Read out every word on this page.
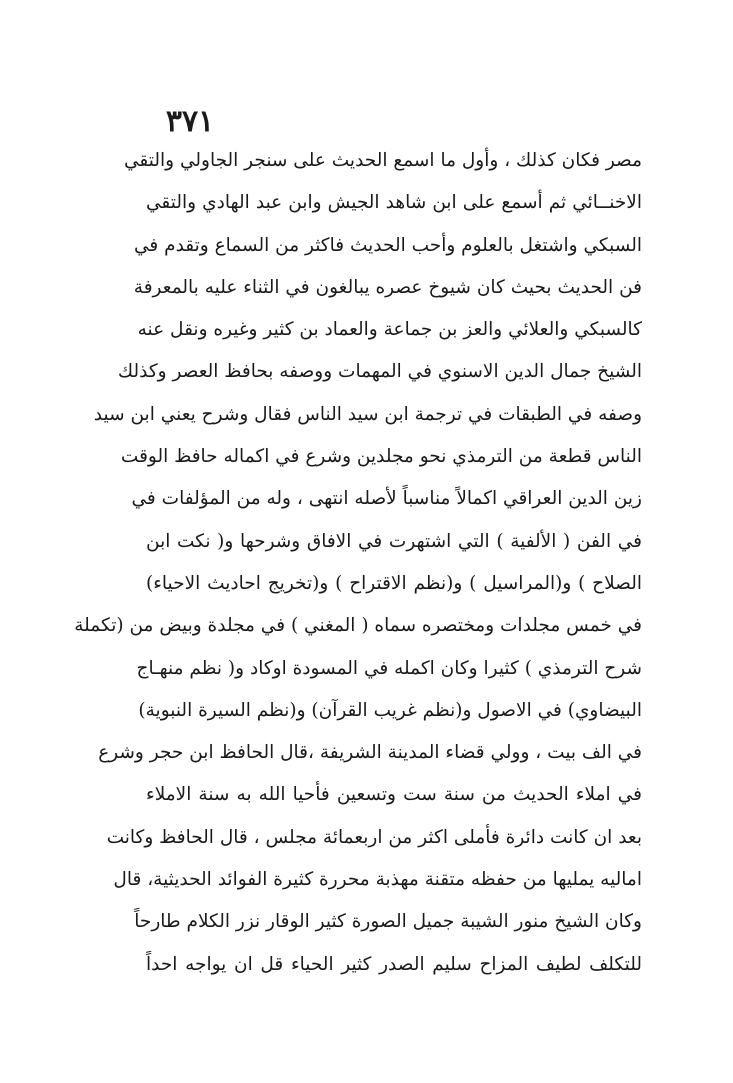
٣٧١
مصر فكان كذلك ، وأول ما اسمع الحديث على سنجر الجاولي والتقي
الاخنــائي ثم أسمع على ابن شاهد الجيش وابن عبد الهادي والتقي
السبكي واشتغل بالعلوم وأحب الحديث فاكثر من السماع وتقدم في
فن الحديث بحيث كان شيوخ عصره يبالغون في الثناء عليه بالمعرفة
كالسبكي والعلائي والعز بن جماعة والعماد بن كثير وغيره ونقل عنه
الشيخ جمال الدين الاسنوي في المهمات ووصفه بحافظ العصر وكذلك
وصفه في الطبقات في ترجمة ابن سيد الناس فقال وشرح يعني ابن سيد
الناس قطعة من الترمذي نحو مجلدين وشرع في اكماله حافظ الوقت
زين الدين العراقي اكمالاً مناسباً لأصله انتهى ، وله من المؤلفات في
في الفن ( الألفية ) التي اشتهرت في الافاق وشرحها و( نكت ابن
الصلاح ) و(المراسيل ) و(نظم الاقتراح ) و(تخريج احاديث الاحياء)
في خمس مجلدات ومختصره سماه ( المغني ) في مجلدة وبيض من (تكملة
شرح الترمذي ) كثيرا وكان اكمله في المسودة اوكاد و( نظم منهـاج
البيضاوي) في الاصول و(نظم غريب القرآن) و(نظم السيرة النبوية)
في الف بيت ، وولي قضاء المدينة الشريفة ،قال الحافظ ابن حجر وشرع
في املاء الحديث من سنة ست وتسعين فأحيا الله به سنة الاملاء
بعد ان كانت دائرة فأملى اكثر من اربعمائة مجلس ، قال الحافظ وكانت
اماليه يمليها من حفظه متقنة مهذبة محررة كثيرة الفوائد الحديثية، قال
وكان الشيخ منور الشيبة جميل الصورة كثير الوقار نزر الكلام طارحاً
للتكلف لطيف المزاح سليم الصدر كثير الحياء قل ان يواجه احداً
